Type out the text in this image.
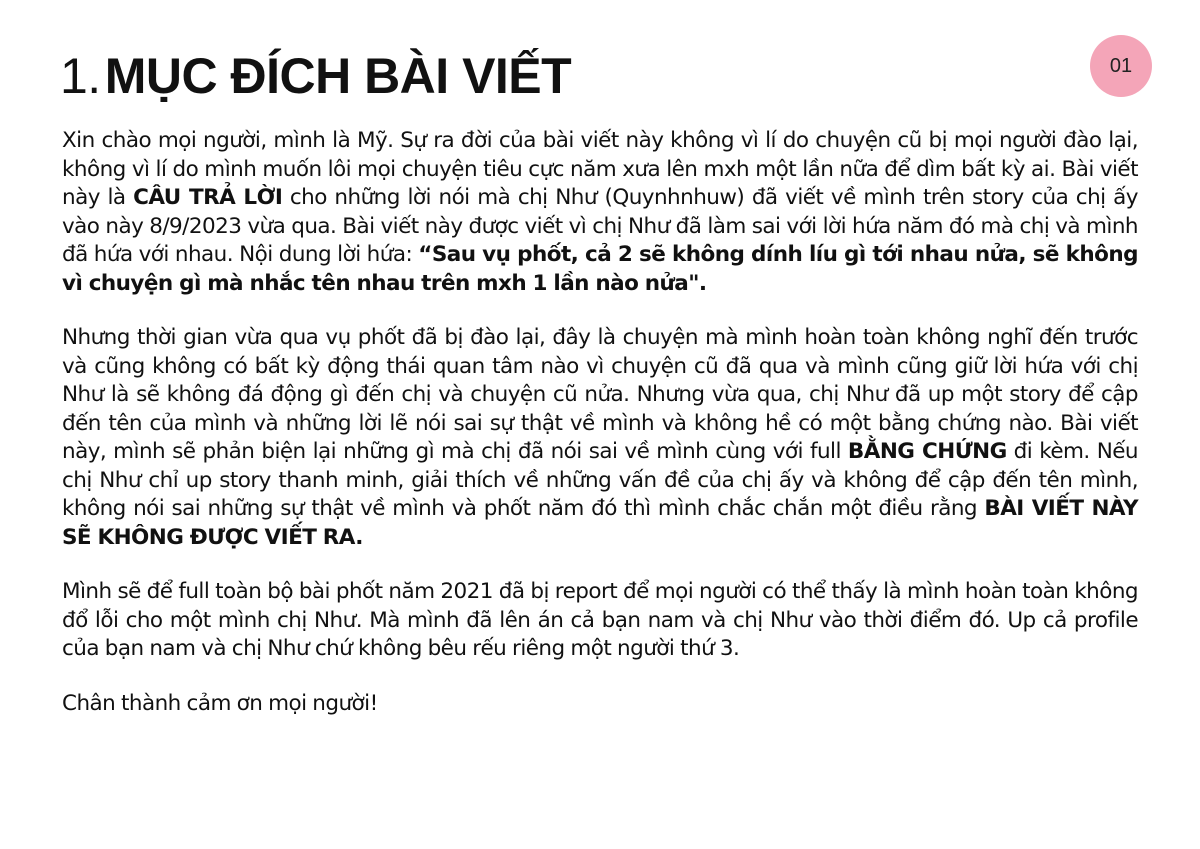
1.MỤC ĐÍCH BÀI VIẾT	01

Xin chào mọi người, mình là Mỹ. Sự ra đời của bài viết này không vì lí do chuyện cũ bị mọi người đào lại, không vì lí do mình muốn lôi mọi chuyện tiêu cực năm xưa lên mxh một lần nữa để dìm bất kỳ ai. Bài viết này là CÂU TRẢ LỜI cho những lời nói mà chị Như (Quynhnhuw) đã viết về mình trên story của chị ấy vào này 8/9/2023 vừa qua. Bài viết này được viết vì chị Như đã làm sai với lời hứa năm đó mà chị và mình đã hứa với nhau. Nội dung lời hứa: “Sau vụ phốt, cả 2 sẽ không dính líu gì tới nhau nửa, sẽ không vì chuyện gì mà nhắc tên nhau trên mxh 1 lần nào nửa".

Nhưng thời gian vừa qua vụ phốt đã bị đào lại, đây là chuyện mà mình hoàn toàn không nghĩ đến trước và cũng không có bất kỳ động thái quan tâm nào vì chuyện cũ đã qua và mình cũng giữ lời hứa với chị Như là sẽ không đá động gì đến chị và chuyện cũ nửa. Nhưng vừa qua, chị Như đã up một story để cập đến tên của mình và những lời lẽ nói sai sự thật về mình và không hề có một bằng chứng nào. Bài viết này, mình sẽ phản biện lại những gì mà chị đã nói sai về mình cùng với full BẰNG CHỨNG đi kèm. Nếu chị Như chỉ up story thanh minh, giải thích về những vấn đề của chị ấy và không để cập đến tên mình, không nói sai những sự thật về mình và phốt năm đó thì mình chắc chắn một điều rằng BÀI VIẾT NÀY SẼ KHÔNG ĐƯỢC VIẾT RA.

Mình sẽ để full toàn bộ bài phốt năm 2021 đã bị report để mọi người có thể thấy là mình hoàn toàn không đổ lỗi cho một mình chị Như. Mà mình đã lên án cả bạn nam và chị Như vào thời điểm đó. Up cả profile của bạn nam và chị Như chứ không bêu rếu riêng một người thứ 3.

Chân thành cảm ơn mọi người!
